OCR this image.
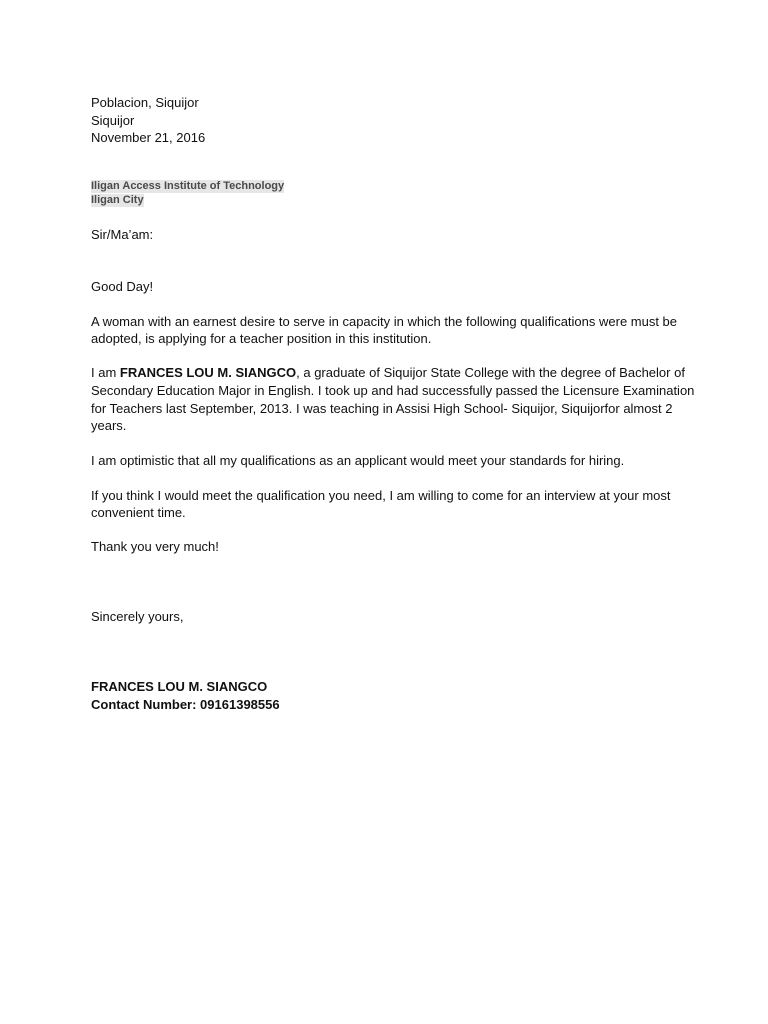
Poblacion, Siquijor
Siquijor
November 21, 2016
Iligan Access Institute of Technology
Iligan City
Sir/Ma’am:
Good Day!
A woman with an earnest desire to serve in capacity in which the following qualifications were must be
adopted, is applying for a teacher position in this institution.
I am FRANCES LOU M. SIANGCO, a graduate of Siquijor State College with the degree of Bachelor of
Secondary Education Major in English. I took up and had successfully passed the Licensure Examination
for Teachers last September, 2013. I was teaching in Assisi High School- Siquijor, Siquijorfor almost 2
years.
I am optimistic that all my qualifications as an applicant would meet your standards for hiring.
If you think I would meet the qualification you need, I am willing to come for an interview at your most
convenient time.
Thank you very much!
Sincerely yours,
FRANCES LOU M. SIANGCO
Contact Number: 09161398556
